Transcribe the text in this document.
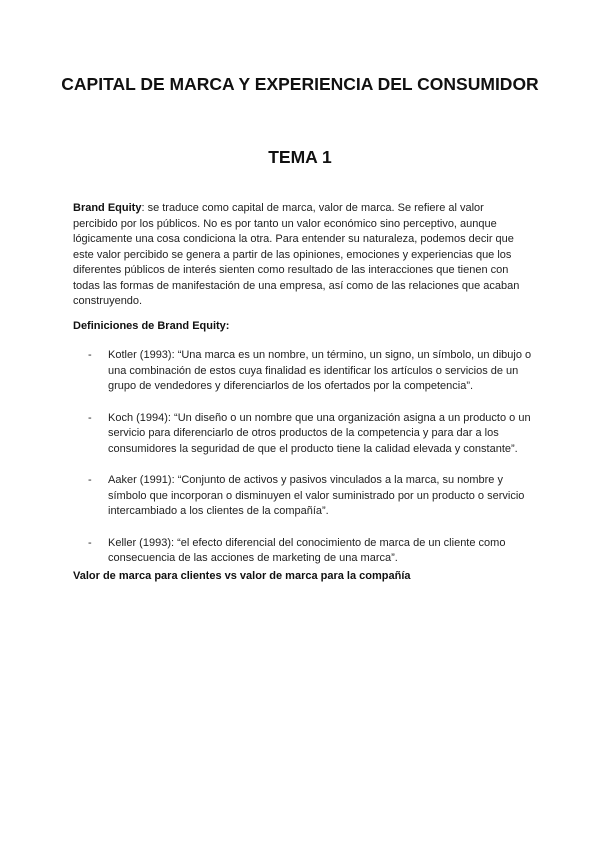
CAPITAL DE MARCA Y EXPERIENCIA DEL CONSUMIDOR
TEMA 1

Brand Equity: se traduce como capital de marca, valor de marca. Se refiere al valor percibido por los públicos. No es por tanto un valor económico sino perceptivo, aunque lógicamente una cosa condiciona la otra. Para entender su naturaleza, podemos decir que este valor percibido se genera a partir de las opiniones, emociones y experiencias que los diferentes públicos de interés sienten como resultado de las interacciones que tienen con todas las formas de manifestación de una empresa, así como de las relaciones que acaban construyendo.

Definiciones de Brand Equity:
- Kotler (1993): “Una marca es un nombre, un término, un signo, un símbolo, un dibujo o una combinación de estos cuya finalidad es identificar los artículos o servicios de un grupo de vendedores y diferenciarlos de los ofertados por la competencia”.
- Koch (1994): “Un diseño o un nombre que una organización asigna a un producto o un servicio para diferenciarlo de otros productos de la competencia y para dar a los consumidores la seguridad de que el producto tiene la calidad elevada y constante”.
- Aaker (1991): “Conjunto de activos y pasivos vinculados a la marca, su nombre y símbolo que incorporan o disminuyen el valor suministrado por un producto o servicio intercambiado a los clientes de la compañía”.
- Keller (1993): “el efecto diferencial del conocimiento de marca de un cliente como consecuencia de las acciones de marketing de una marca”.
Valor de marca para clientes vs valor de marca para la compañía
